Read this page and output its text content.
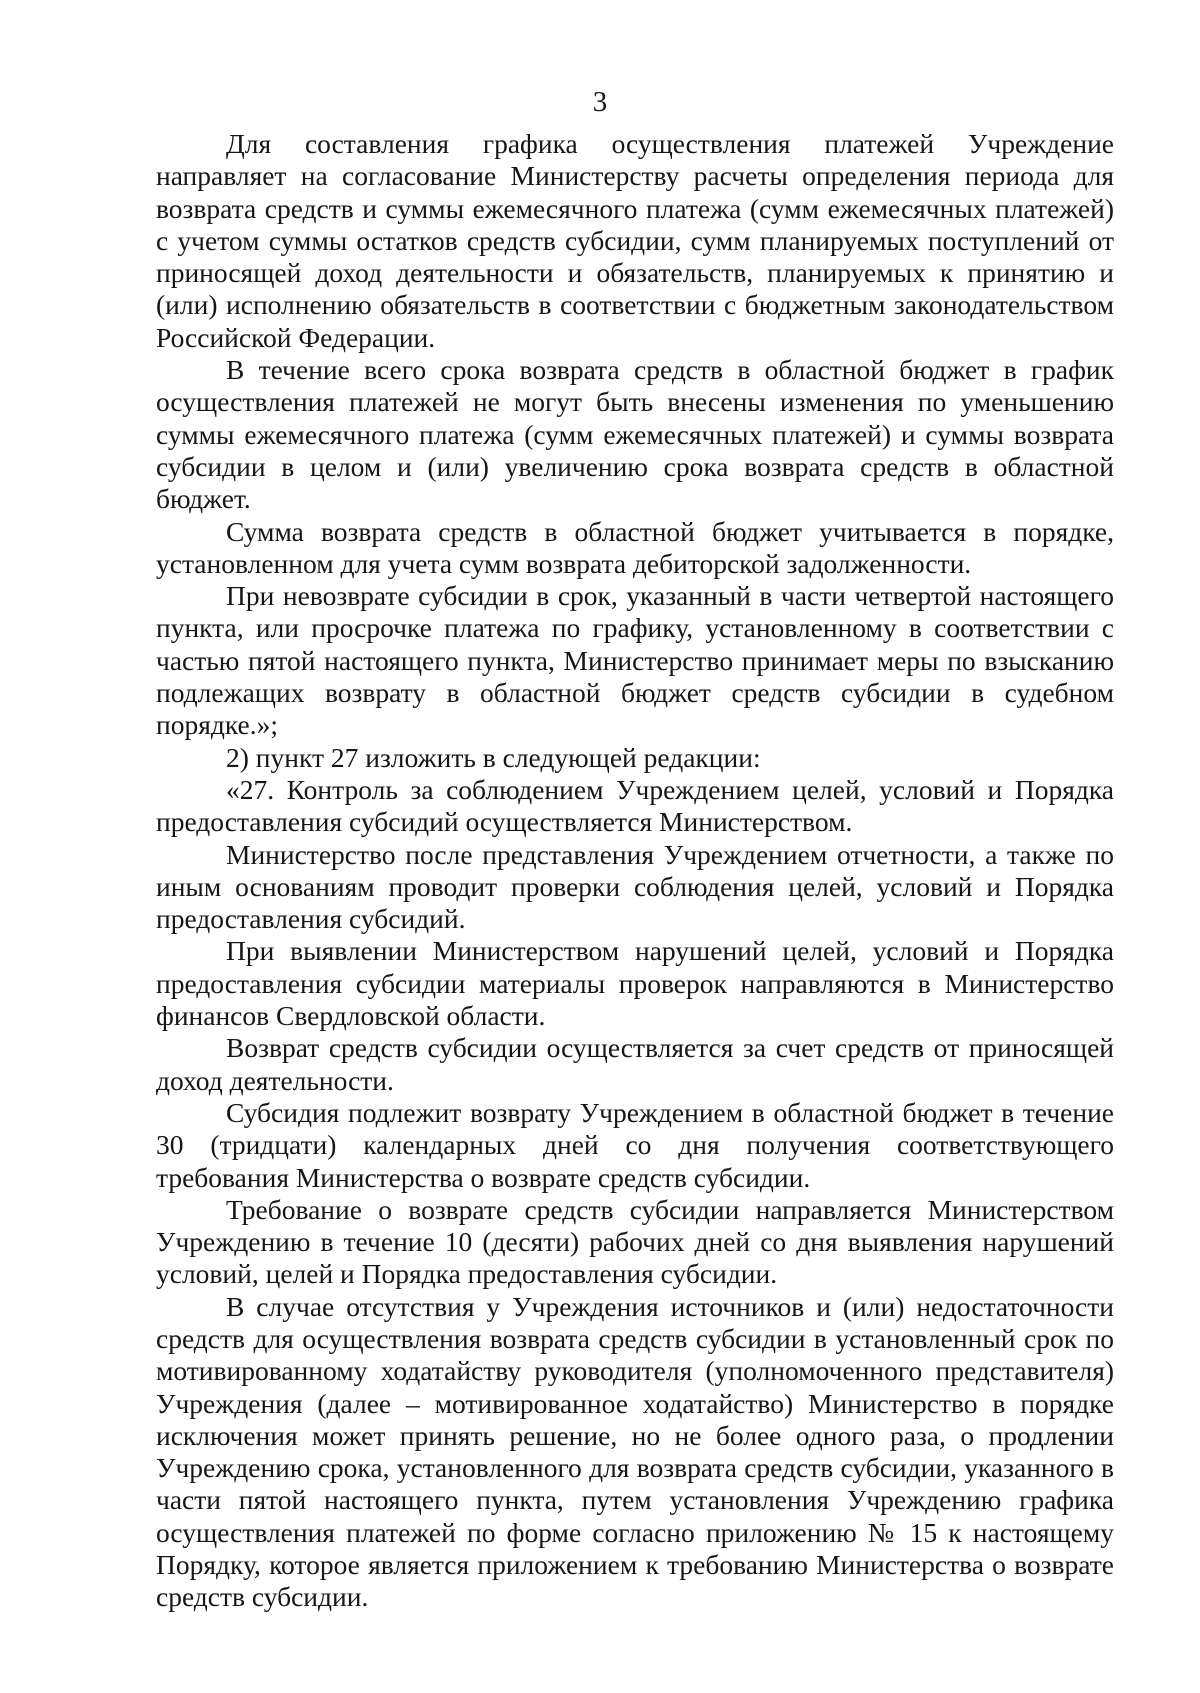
3

Для составления графика осуществления платежей Учреждение направляет на согласование Министерству расчеты определения периода для возврата средств и суммы ежемесячного платежа (сумм ежемесячных платежей) с учетом суммы остатков средств субсидии, сумм планируемых поступлений от приносящей доход деятельности и обязательств, планируемых к принятию и (или) исполнению обязательств в соответствии с бюджетным законодательством Российской Федерации.

В течение всего срока возврата средств в областной бюджет в график осуществления платежей не могут быть внесены изменения по уменьшению суммы ежемесячного платежа (сумм ежемесячных платежей) и суммы возврата субсидии в целом и (или) увеличению срока возврата средств в областной бюджет.

Сумма возврата средств в областной бюджет учитывается в порядке, установленном для учета сумм возврата дебиторской задолженности.

При невозврате субсидии в срок, указанный в части четвертой настоящего пункта, или просрочке платежа по графику, установленному в соответствии с частью пятой настоящего пункта, Министерство принимает меры по взысканию подлежащих возврату в областной бюджет средств субсидии в судебном порядке.»;

2) пункт 27 изложить в следующей редакции:

«27. Контроль за соблюдением Учреждением целей, условий и Порядка предоставления субсидий осуществляется Министерством.

Министерство после представления Учреждением отчетности, а также по иным основаниям проводит проверки соблюдения целей, условий и Порядка предоставления субсидий.

При выявлении Министерством нарушений целей, условий и Порядка предоставления субсидии материалы проверок направляются в Министерство финансов Свердловской области.

Возврат средств субсидии осуществляется за счет средств от приносящей доход деятельности.

Субсидия подлежит возврату Учреждением в областной бюджет в течение 30 (тридцати) календарных дней со дня получения соответствующего требования Министерства о возврате средств субсидии.

Требование о возврате средств субсидии направляется Министерством Учреждению в течение 10 (десяти) рабочих дней со дня выявления нарушений условий, целей и Порядка предоставления субсидии.

В случае отсутствия у Учреждения источников и (или) недостаточности средств для осуществления возврата средств субсидии в установленный срок по мотивированному ходатайству руководителя (уполномоченного представителя) Учреждения (далее – мотивированное ходатайство) Министерство в порядке исключения может принять решение, но не более одного раза, о продлении Учреждению срока, установленного для возврата средств субсидии, указанного в части пятой настоящего пункта, путем установления Учреждению графика осуществления платежей по форме согласно приложению № 15 к настоящему Порядку, которое является приложением к требованию Министерства о возврате средств субсидии.
